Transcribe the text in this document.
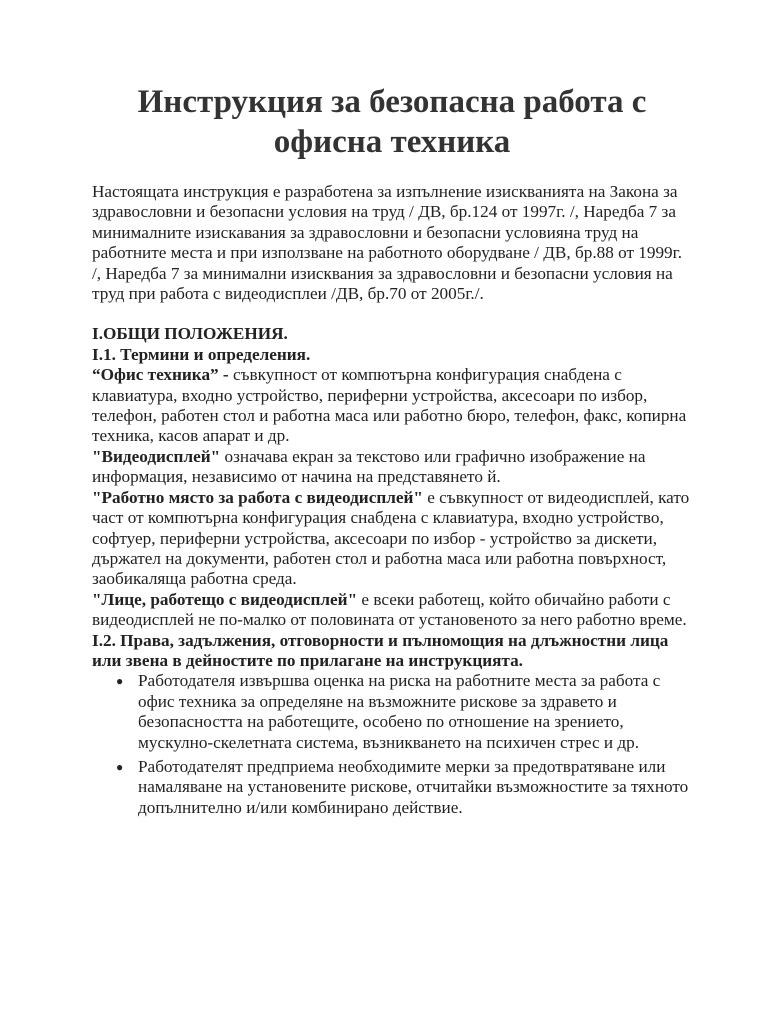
Инструкция за безопасна работа с офисна техника

Настоящата инструкция е разработена за изпълнение изискванията на Закона за здравословни и безопасни условия на труд / ДВ, бр.124 от 1997г. /, Наредба 7 за минималните изискавания за здравословни и безопасни условияна труд на работните места и при използване на работното оборудване / ДВ, бр.88 от 1999г. /, Наредба 7 за минимални изисквания за здравословни и безопасни условия на труд при работа с видеодисплеи /ДВ, бр.70 от 2005г./.

I.ОБЩИ ПОЛОЖЕНИЯ.

I.1. Термини и определения.

“Офис техника” - съвкупност от компютърна конфигурация снабдена с клавиатура, входно устройство, периферни устройства, аксесоари по избор, телефон, работен стол и работна маса или работно бюро, телефон, факс, копирна техника, касов апарат и др.

"Видеодисплей" означава екран за текстово или графично изображение на информация, независимо от начина на представянето й.

"Работно място за работа с видеодисплей" е съвкупност от видеодисплей, като част от компютърна конфигурация снабдена с клавиатура, входно устройство, софтуер, периферни устройства, аксесоари по избор - устройство за дискети, държател на документи, работен стол и работна маса или работна повърхност, заобикаляща работна среда.

"Лице, работещо с видеодисплей" е всеки работещ, който обичайно работи с видеодисплей не по-малко от половината от установеното за него работно време.

I.2. Права, задължения, отговорности и пълномощия на длъжностни лица или звена в дейностите по прилагане на инструкцията.

● Работодателя извършва оценка на риска на работните места за работа с офис техника за определяне на възможните рискове за здравето и безопасността на работещите, особено по отношение на зрението, мускулно-скелетната система, възникването на психичен стрес и др.
● Работодателят предприема необходимите мерки за предотвратяване или намаляване на установените рискове, отчитайки възможностите за тяхното допълнително и/или комбинирано действие.
